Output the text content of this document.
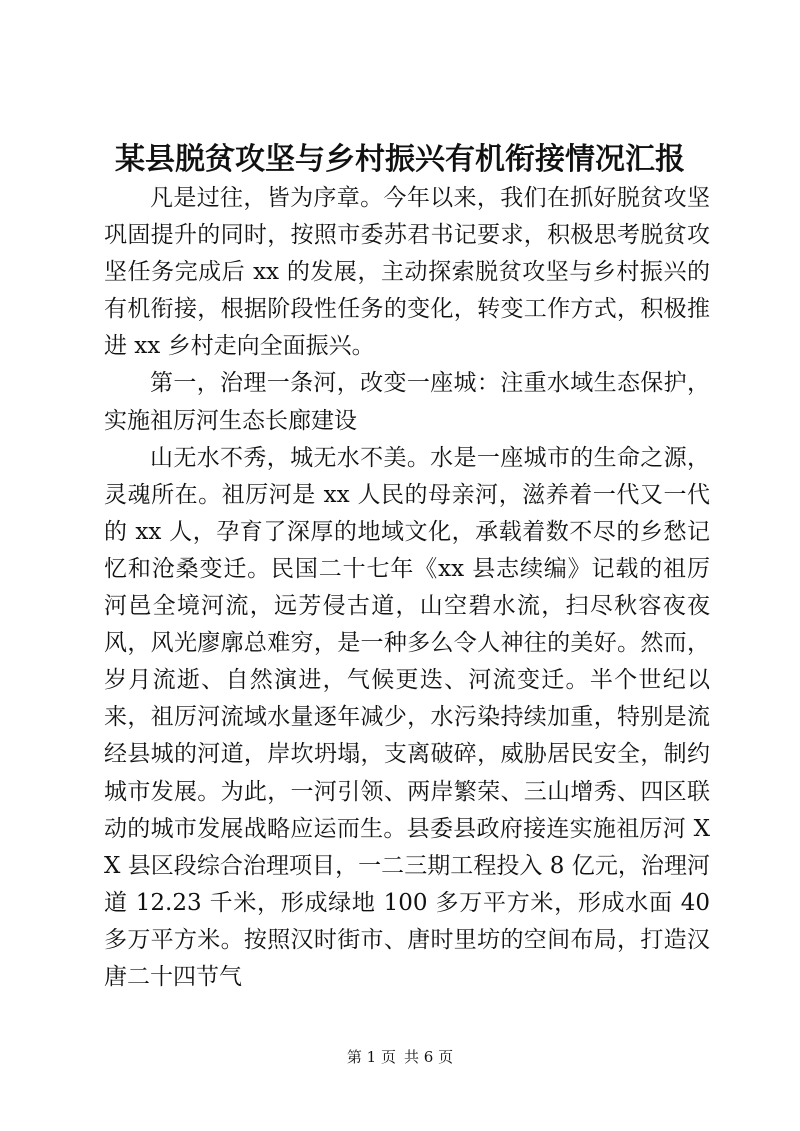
某县脱贫攻坚与乡村振兴有机衔接情况汇报

凡是过往，皆为序章。今年以来，我们在抓好脱贫攻坚巩固提升的同时，按照市委苏君书记要求，积极思考脱贫攻坚任务完成后 xx 的发展，主动探索脱贫攻坚与乡村振兴的有机衔接，根据阶段性任务的变化，转变工作方式，积极推进 xx 乡村走向全面振兴。

第一，治理一条河，改变一座城：注重水域生态保护，实施祖厉河生态长廊建设

山无水不秀，城无水不美。水是一座城市的生命之源，灵魂所在。祖厉河是 xx 人民的母亲河，滋养着一代又一代的 xx 人，孕育了深厚的地域文化，承载着数不尽的乡愁记忆和沧桑变迁。民国二十七年《xx 县志续编》记载的祖厉河邑全境河流，远芳侵古道，山空碧水流，扫尽秋容夜夜风，风光廖廓总难穷，是一种多么令人神往的美好。然而，岁月流逝、自然演进，气候更迭、河流变迁。半个世纪以来，祖厉河流域水量逐年减少，水污染持续加重，特别是流经县城的河道，岸坎坍塌，支离破碎，威胁居民安全，制约城市发展。为此，一河引领、两岸繁荣、三山增秀、四区联动的城市发展战略应运而生。县委县政府接连实施祖厉河 XX 县区段综合治理项目，一二三期工程投入 8 亿元，治理河道 12.23 千米，形成绿地 100 多万平方米，形成水面 40 多万平方米。按照汉时街市、唐时里坊的空间布局，打造汉唐二十四节气

第 1 页 共 6 页
